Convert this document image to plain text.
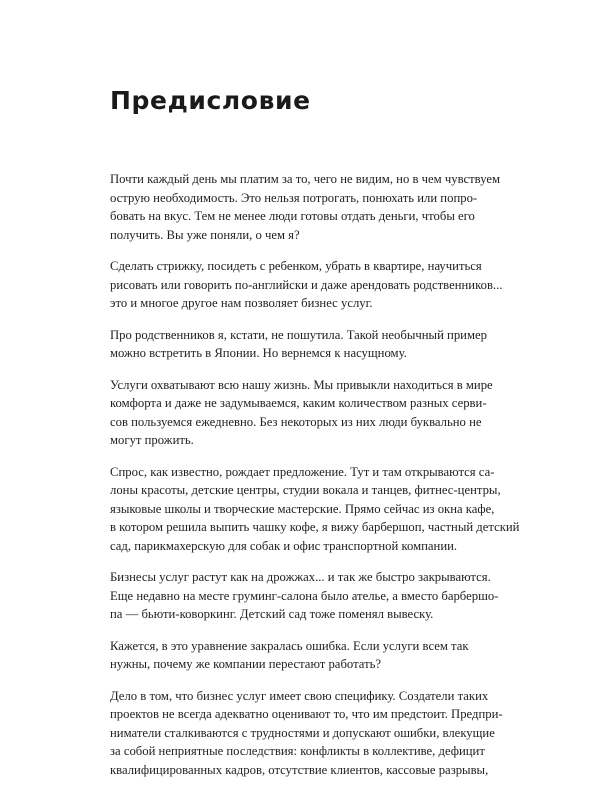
Предисловие

Почти каждый день мы платим за то, чего не видим, но в чем чувствуем
острую необходимость. Это нельзя потрогать, понюхать или попро-
бовать на вкус. Тем не менее люди готовы отдать деньги, чтобы его
получить. Вы уже поняли, о чем я?

Сделать стрижку, посидеть с ребенком, убрать в квартире, научиться
рисовать или говорить по-английски и даже арендовать родственников...
это и многое другое нам позволяет бизнес услуг.

Про родственников я, кстати, не пошутила. Такой необычный пример
можно встретить в Японии. Но вернемся к насущному.

Услуги охватывают всю нашу жизнь. Мы привыкли находиться в мире
комфорта и даже не задумываемся, каким количеством разных серви-
сов пользуемся ежедневно. Без некоторых из них люди буквально не
могут прожить.

Спрос, как известно, рождает предложение. Тут и там открываются са-
лоны красоты, детские центры, студии вокала и танцев, фитнес-центры,
языковые школы и творческие мастерские. Прямо сейчас из окна кафе,
в котором решила выпить чашку кофе, я вижу барбершоп, частный детский
сад, парикмахерскую для собак и офис транспортной компании.

Бизнесы услуг растут как на дрожжах... и так же быстро закрываются.
Еще недавно на месте груминг-салона было ателье, а вместо барбершо-
па — бьюти-коворкинг. Детский сад тоже поменял вывеску.

Кажется, в это уравнение закралась ошибка. Если услуги всем так
нужны, почему же компании перестают работать?

Дело в том, что бизнес услуг имеет свою специфику. Создатели таких
проектов не всегда адекватно оценивают то, что им предстоит. Предпри-
ниматели сталкиваются с трудностями и допускают ошибки, влекущие
за собой неприятные последствия: конфликты в коллективе, дефицит
квалифицированных кадров, отсутствие клиентов, кассовые разрывы,
